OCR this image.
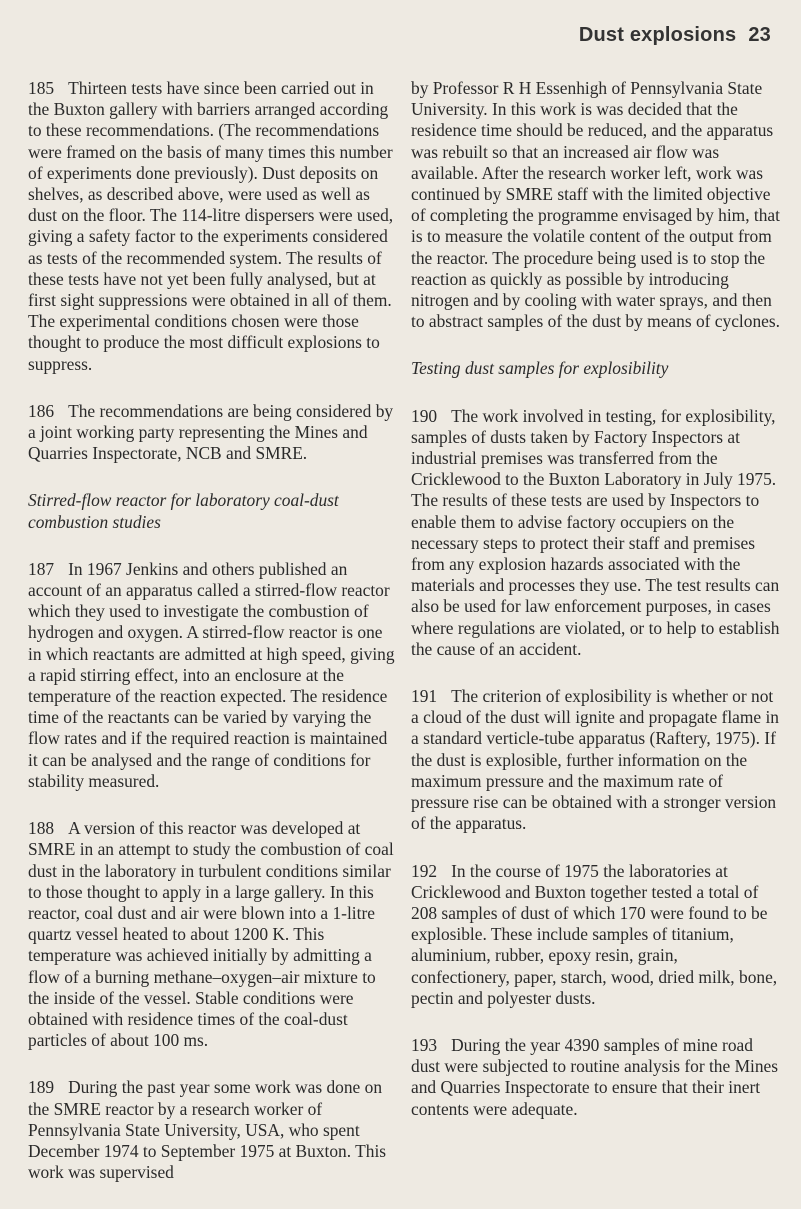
Dust explosions 23

185 Thirteen tests have since been carried out in the Buxton gallery with barriers arranged according to these recommendations. (The recommendations were framed on the basis of many times this number of experiments done previously). Dust deposits on shelves, as described above, were used as well as dust on the floor. The 114-litre dispersers were used, giving a safety factor to the experiments considered as tests of the recommended system. The results of these tests have not yet been fully analysed, but at first sight suppressions were obtained in all of them. The experimental conditions chosen were those thought to produce the most difficult explosions to suppress.

186 The recommendations are being considered by a joint working party representing the Mines and Quarries Inspectorate, NCB and SMRE.

Stirred-flow reactor for laboratory coal-dust combustion studies

187 In 1967 Jenkins and others published an account of an apparatus called a stirred-flow reactor which they used to investigate the combustion of hydrogen and oxygen. A stirred-flow reactor is one in which reactants are admitted at high speed, giving a rapid stirring effect, into an enclosure at the temperature of the reaction expected. The residence time of the reactants can be varied by varying the flow rates and if the required reaction is maintained it can be analysed and the range of conditions for stability measured.

188 A version of this reactor was developed at SMRE in an attempt to study the combustion of coal dust in the laboratory in turbulent conditions similar to those thought to apply in a large gallery. In this reactor, coal dust and air were blown into a 1-litre quartz vessel heated to about 1200 K. This temperature was achieved initially by admitting a flow of a burning methane–oxygen–air mixture to the inside of the vessel. Stable conditions were obtained with residence times of the coal-dust particles of about 100 ms.

189 During the past year some work was done on the SMRE reactor by a research worker of Pennsylvania State University, USA, who spent December 1974 to September 1975 at Buxton. This work was supervised

by Professor R H Essenhigh of Pennsylvania State University. In this work is was decided that the residence time should be reduced, and the apparatus was rebuilt so that an increased air flow was available. After the research worker left, work was continued by SMRE staff with the limited objective of completing the programme envisaged by him, that is to measure the volatile content of the output from the reactor. The procedure being used is to stop the reaction as quickly as possible by introducing nitrogen and by cooling with water sprays, and then to abstract samples of the dust by means of cyclones.

Testing dust samples for explosibility

190 The work involved in testing, for explosibility, samples of dusts taken by Factory Inspectors at industrial premises was transferred from the Cricklewood to the Buxton Laboratory in July 1975. The results of these tests are used by Inspectors to enable them to advise factory occupiers on the necessary steps to protect their staff and premises from any explosion hazards associated with the materials and processes they use. The test results can also be used for law enforcement purposes, in cases where regulations are violated, or to help to establish the cause of an accident.

191 The criterion of explosibility is whether or not a cloud of the dust will ignite and propagate flame in a standard verticle-tube apparatus (Raftery, 1975). If the dust is explosible, further information on the maximum pressure and the maximum rate of pressure rise can be obtained with a stronger version of the apparatus.

192 In the course of 1975 the laboratories at Cricklewood and Buxton together tested a total of 208 samples of dust of which 170 were found to be explosible. These include samples of titanium, aluminium, rubber, epoxy resin, grain, confectionery, paper, starch, wood, dried milk, bone, pectin and polyester dusts.

193 During the year 4390 samples of mine road dust were subjected to routine analysis for the Mines and Quarries Inspectorate to ensure that their inert contents were adequate.
